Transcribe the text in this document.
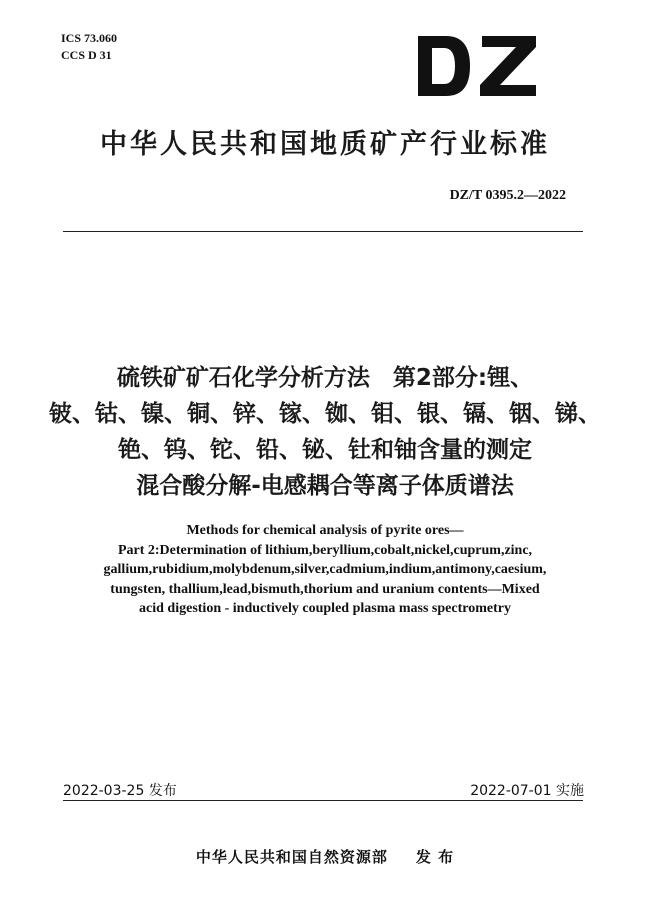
ICS 73.060
CCS D 31
中华人民共和国地质矿产行业标准
DZ/T 0395.2—2022
硫铁矿矿石化学分析方法　第2部分:锂、
铍、钴、镍、铜、锌、镓、铷、钼、银、镉、铟、锑、
铯、钨、铊、铅、铋、钍和铀含量的测定
混合酸分解-电感耦合等离子体质谱法
Methods for chemical analysis of pyrite ores—
Part 2:Determination of lithium,beryllium,cobalt,nickel,cuprum,zinc,
gallium,rubidium,molybdenum,silver,cadmium,indium,antimony,caesium,
tungsten, thallium,lead,bismuth,thorium and uranium contents—Mixed
acid digestion - inductively coupled plasma mass spectrometry
2022-03-25 发布	2022-07-01 实施
中华人民共和国自然资源部 发 布
